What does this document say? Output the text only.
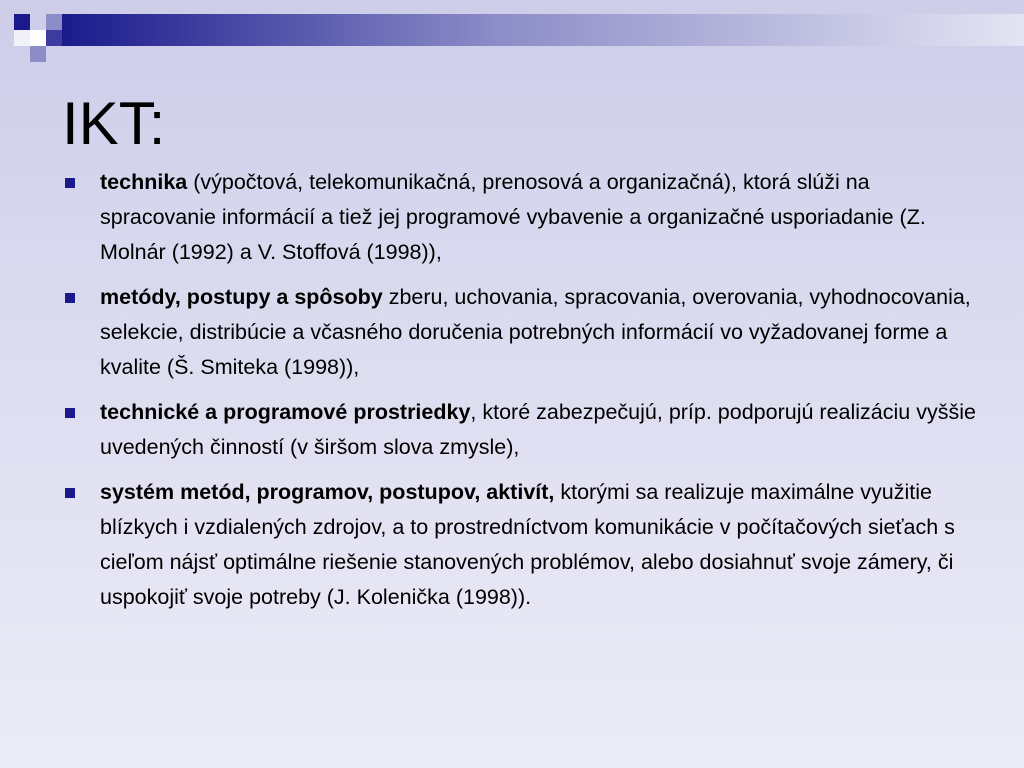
IKT:
technika (výpočtová, telekomunikačná, prenosová a organizačná), ktorá slúži na spracovanie informácií a tiež jej programové vybavenie a organizačné usporiadanie (Z. Molnár (1992) a V. Stoffová (1998)),
metódy, postupy a spôsoby zberu, uchovania, spracovania, overovania, vyhodnocovania, selekcie, distribúcie a včasného doručenia potrebných informácií vo vyžadovanej forme a kvalite (Š. Smiteka (1998)),
technické a programové prostriedky, ktoré zabezpečujú, príp. podporujú realizáciu vyššie uvedených činností (v širšom slova zmysle),
systém metód, programov, postupov, aktivít, ktorými sa realizuje maximálne využitie blízkych i vzdialených zdrojov, a to prostredníctvom komunikácie v počítačových sieťach s cieľom nájsť optimálne riešenie stanovených problémov, alebo dosiahnuť svoje zámery, či uspokojiť svoje potreby (J. Kolenička (1998)).
